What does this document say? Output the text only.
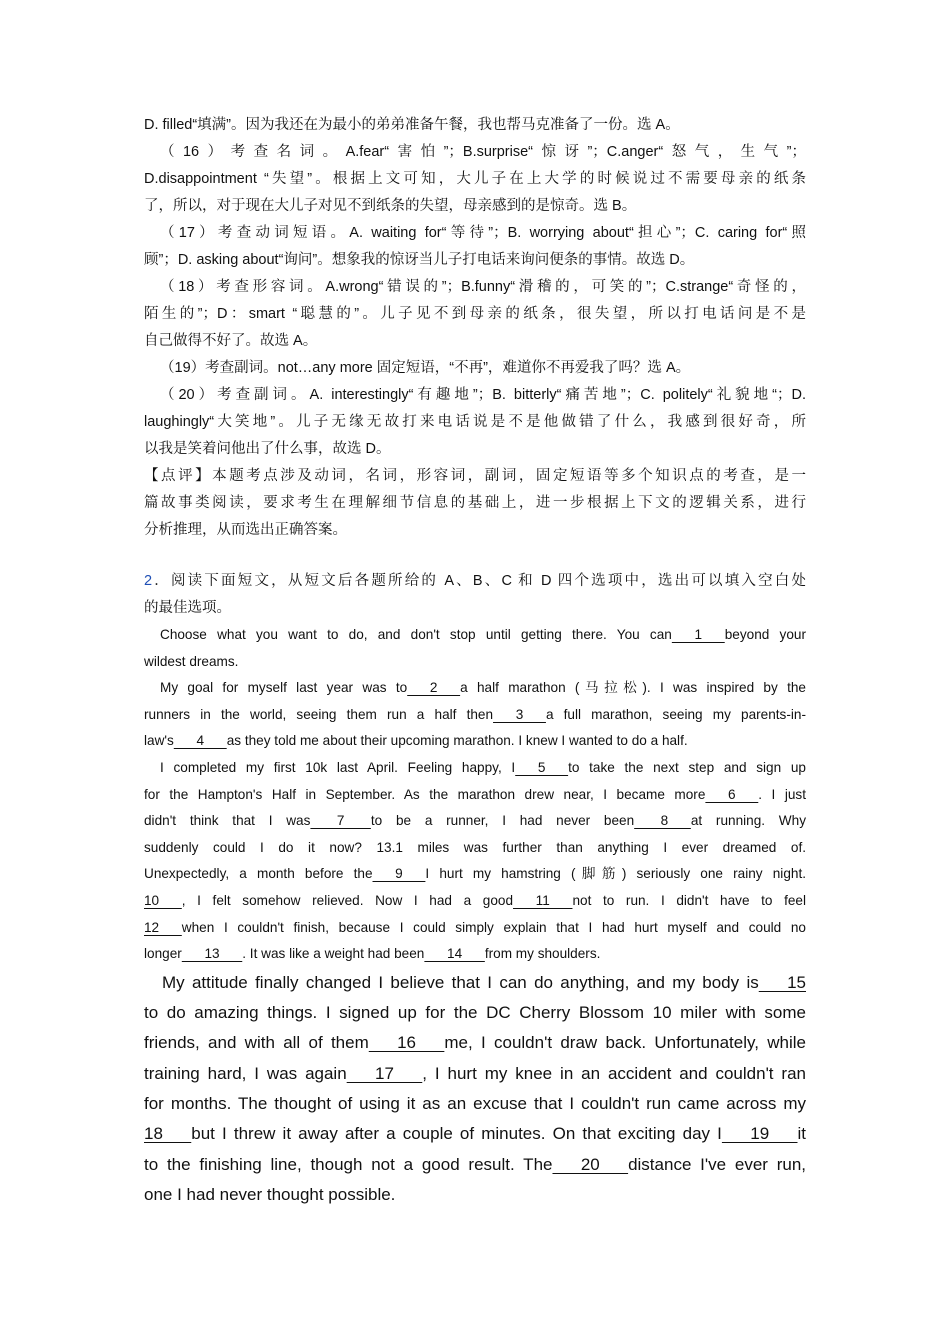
D. filled“填满”。因为我还在为最小的弟弟准备午餐，我也帮马克准备了一份。选 A。
（16）考查名词。A.fear“害怕”；B.surprise“惊讶”；C.anger“怒气，生气”；
D.disappointment “失望”。根据上文可知，大儿子在上大学的时候说过不需要母亲的纸条
了，所以，对于现在大儿子对见不到纸条的失望，母亲感到的是惊奇。选 B。
（17）考查动词短语。A. waiting for“等待”；B. worrying about“担心”；C. caring for“照
顾”；D. asking about“询问”。想象我的惊讶当儿子打电话来询问便条的事情。故选 D。
（18）考查形容词。A.wrong“错误的”；B.funny“滑稽的，可笑的”；C.strange“奇怪的，
陌生的”；D：smart “聪慧的”。儿子见不到母亲的纸条，很失望，所以打电话问是不是
自己做得不好了。故选 A。
（19）考查副词。not…any more 固定短语，“不再”，难道你不再爱我了吗？选 A。
（20）考查副词。A. interestingly“有趣地”；B. bitterly“痛苦地”；C. politely“礼貌地“；D.
laughingly“大笑地”。儿子无缘无故打来电话说是不是他做错了什么，我感到很好奇，所
以我是笑着问他出了什么事，故选 D。
【点评】本题考点涉及动词，名词，形容词，副词，固定短语等多个知识点的考查，是一
篇故事类阅读，要求考生在理解细节信息的基础上，进一步根据上下文的逻辑关系，进行
分析推理，从而选出正确答案。
2．阅读下面短文，从短文后各题所给的 A、B、C 和 D 四个选项中，选出可以填入空白处
的最佳选项。
Choose what you want to do, and don't stop until getting there. You can      1      beyond your
wildest dreams.
My goal for myself last year was to      2      a half marathon (马拉松). I was inspired by the
runners in the world, seeing them run a half then      3      a full marathon, seeing my parents-in-
law's      4      as they told me about their upcoming marathon. I knew I wanted to do a half.
I completed my first 10k last April. Feeling happy, I      5      to take the next step and sign up
for the Hampton's Half in September. As the marathon drew near, I became more      6      . I just
didn't think that I was       7       to be a runner, I had never been       8      at running. Why
suddenly could I do it now? 13.1 miles was further than anything I ever dreamed of.
Unexpectedly, a month before the      9      I hurt my hamstring (脚筋) seriously one rainy night.
10      , I felt somehow relieved. Now I had a good      11      not to run. I didn't have to feel
12      when I couldn't finish, because I could simply explain that I had hurt myself and could no
longer      13      . It was like a weight had been      14      from my shoulders.
My attitude finally changed I believe that I can do anything, and my body is      15
to do amazing things. I signed up for the DC Cherry Blossom 10 miler with some
friends, and with all of them      16      me, I couldn't draw back. Unfortunately, while
training hard, I was again      17      , I hurt my knee in an accident and couldn't ran
for months. The thought of using it as an excuse that I couldn't run came across my
18      but I threw it away after a couple of minutes. On that exciting day I      19      it
to the finishing line, though not a good result. The      20      distance I've ever run,
one I had never thought possible.
